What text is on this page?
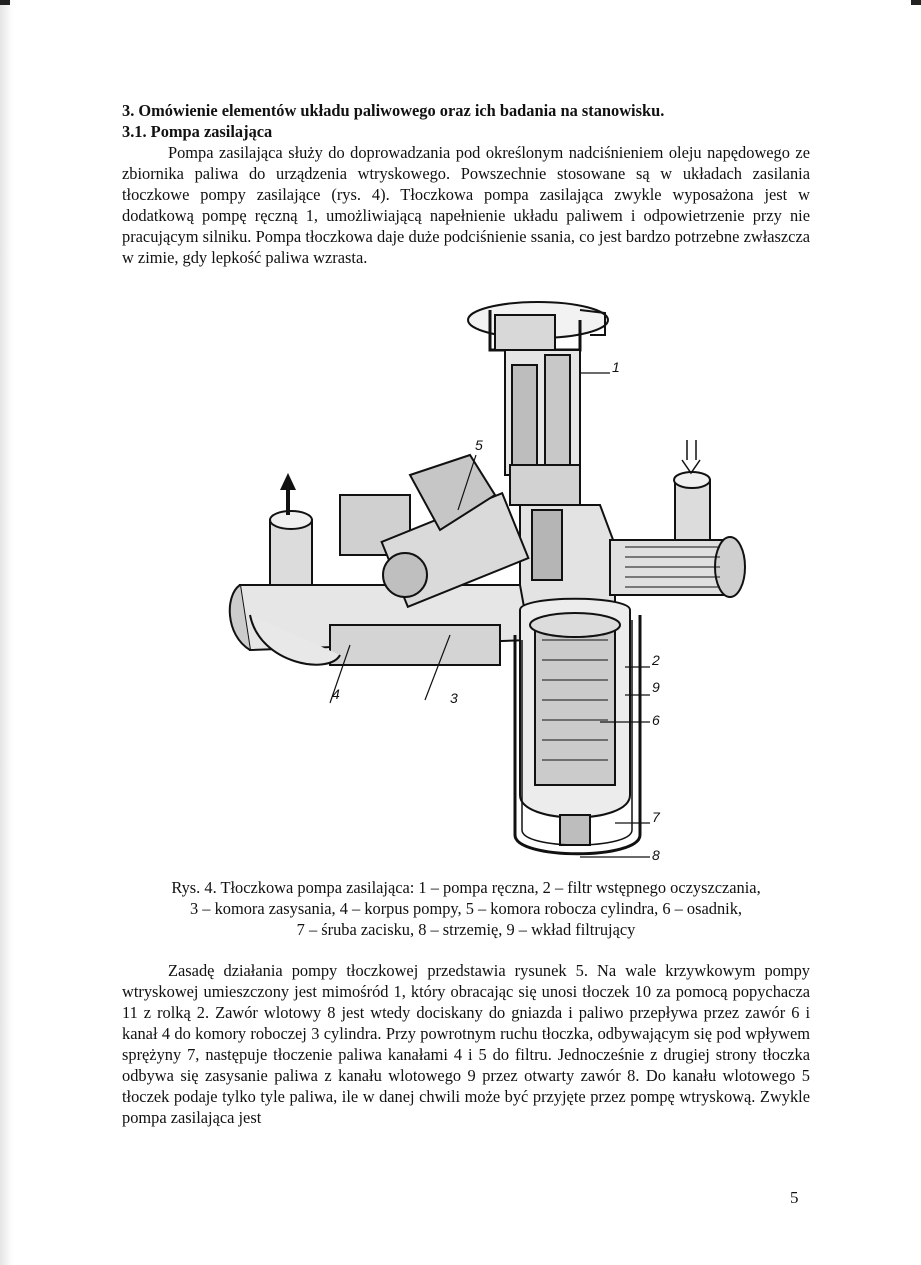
3. Omówienie elementów układu paliwowego oraz ich badania na stanowisku.
3.1. Pompa zasilająca
Pompa zasilająca służy do doprowadzania pod określonym nadciśnieniem oleju napędowego ze zbiornika paliwa do urządzenia wtryskowego. Powszechnie stosowane są w układach zasilania tłoczkowe pompy zasilające (rys. 4). Tłoczkowa pompa zasilająca zwykle wyposażona jest w dodatkową pompę ręczną 1, umożliwiającą napełnienie układu paliwem i odpowietrzenie przy nie pracującym silniku. Pompa tłoczkowa daje duże podciśnienie ssania, co jest bardzo potrzebne zwłaszcza w zimie, gdy lepkość paliwa wzrasta.
1
2
3
4
5
6
7
8
9
Rys. 4. Tłoczkowa pompa zasilająca: 1 – pompa ręczna, 2 – filtr wstępnego oczyszczania,
3 – komora zasysania, 4 – korpus pompy, 5 – komora robocza cylindra, 6 – osadnik,
7 – śruba zacisku, 8 – strzemię, 9 – wkład filtrujący
Zasadę działania pompy tłoczkowej przedstawia rysunek 5. Na wale krzywkowym pompy wtryskowej umieszczony jest mimośród 1, który obracając się unosi tłoczek 10 za pomocą popychacza 11 z rolką 2. Zawór wlotowy 8 jest wtedy dociskany do gniazda i paliwo przepływa przez zawór 6 i kanał 4 do komory roboczej 3 cylindra. Przy powrotnym ruchu tłoczka, odbywającym się pod wpływem sprężyny 7, następuje tłoczenie paliwa kanałami 4 i 5 do filtru. Jednocześnie z drugiej strony tłoczka odbywa się zasysanie paliwa z kanału wlotowego 9 przez otwarty zawór 8. Do kanału wlotowego 5 tłoczek podaje tylko tyle paliwa, ile w danej chwili może być przyjęte przez pompę wtryskową. Zwykle pompa zasilająca jest
5
